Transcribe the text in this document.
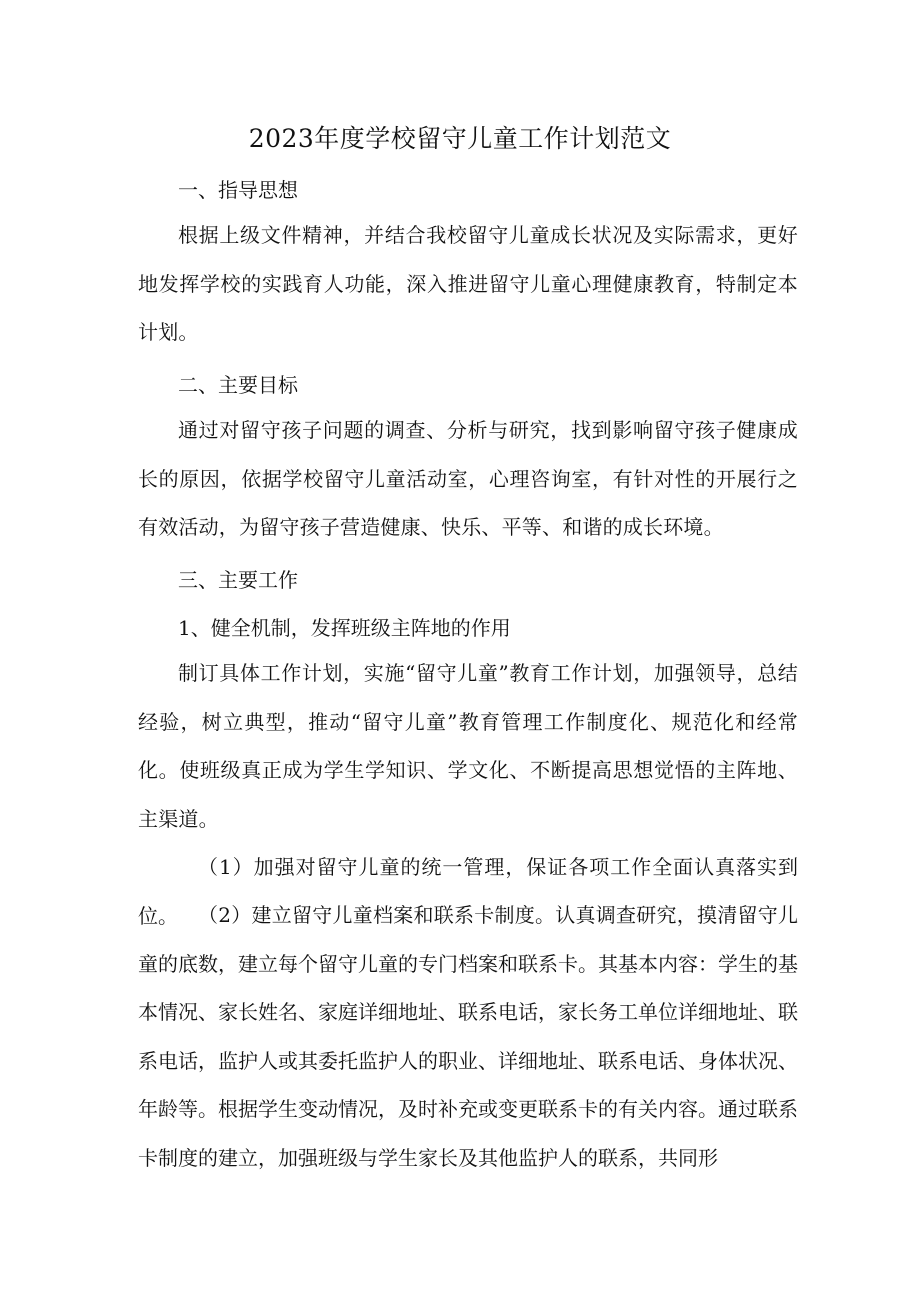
2023年度学校留守儿童工作计划范文

一、指导思想

根据上级文件精神，并结合我校留守儿童成长状况及实际需求，更好地发挥学校的实践育人功能，深入推进留守儿童心理健康教育，特制定本计划。

二、主要目标

通过对留守孩子问题的调查、分析与研究，找到影响留守孩子健康成长的原因，依据学校留守儿童活动室，心理咨询室，有针对性的开展行之有效活动，为留守孩子营造健康、快乐、平等、和谐的成长环境。

三、主要工作

1、健全机制，发挥班级主阵地的作用

制订具体工作计划，实施“留守儿童”教育工作计划，加强领导，总结经验，树立典型，推动“留守儿童”教育管理工作制度化、规范化和经常化。使班级真正成为学生学知识、学文化、不断提高思想觉悟的主阵地、主渠道。

（1）加强对留守儿童的统一管理，保证各项工作全面认真落实到位。	（2）建立留守儿童档案和联系卡制度。认真调查研究，摸清留守儿童的底数，建立每个留守儿童的专门档案和联系卡。其基本内容：学生的基本情况、家长姓名、家庭详细地址、联系电话，家长务工单位详细地址、联系电话，监护人或其委托监护人的职业、详细地址、联系电话、身体状况、年龄等。根据学生变动情况，及时补充或变更联系卡的有关内容。通过联系卡制度的建立，加强班级与学生家长及其他监护人的联系，共同形
